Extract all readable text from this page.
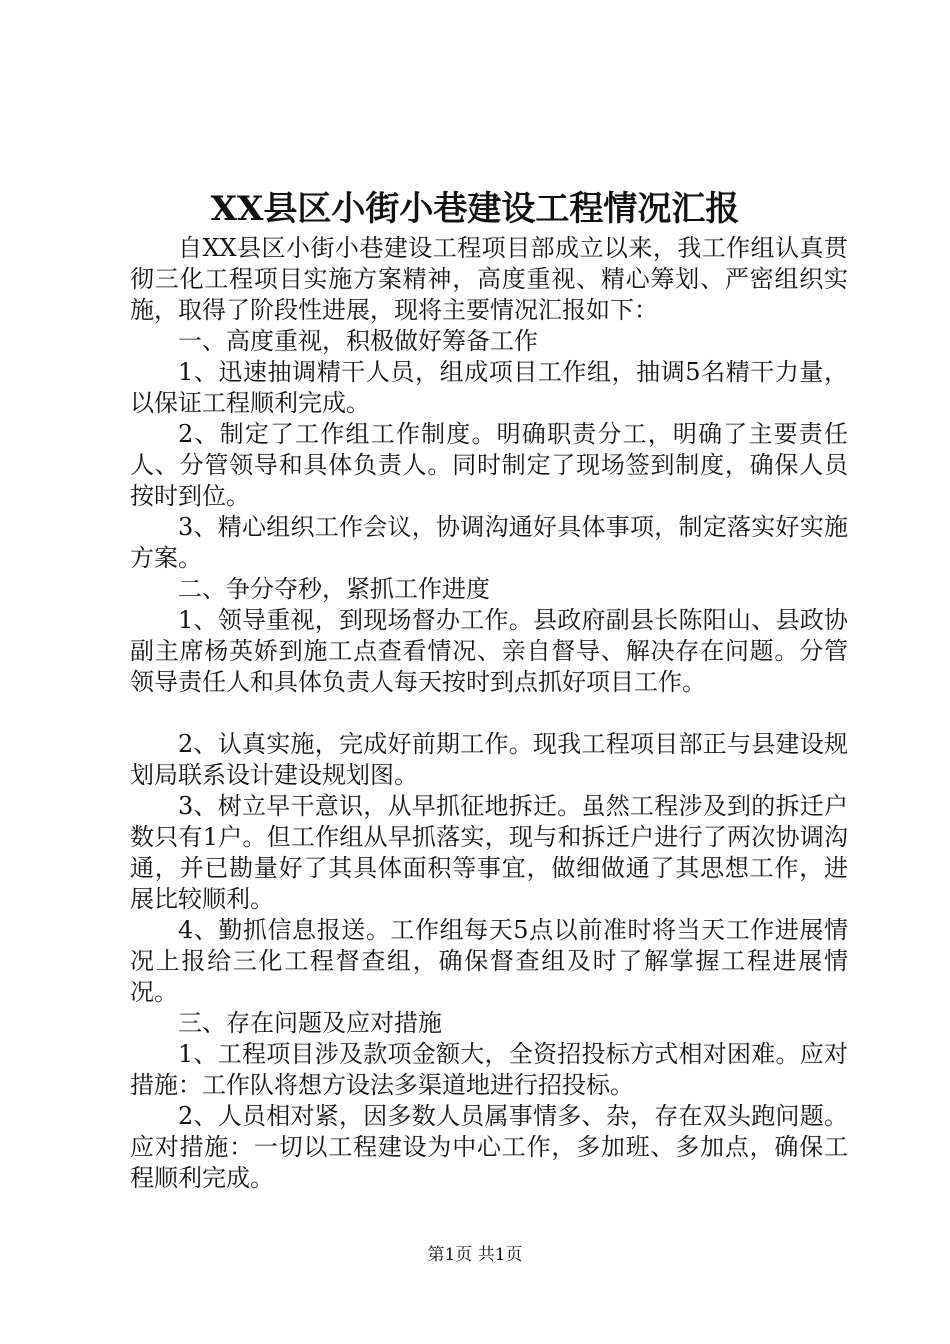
XX县区小街小巷建设工程情况汇报

自XX县区小街小巷建设工程项目部成立以来，我工作组认真贯彻三化工程项目实施方案精神，高度重视、精心筹划、严密组织实施，取得了阶段性进展，现将主要情况汇报如下：

一、高度重视，积极做好筹备工作

1、迅速抽调精干人员，组成项目工作组，抽调5名精干力量，以保证工程顺利完成。

2、制定了工作组工作制度。明确职责分工，明确了主要责任人、分管领导和具体负责人。同时制定了现场签到制度，确保人员按时到位。

3、精心组织工作会议，协调沟通好具体事项，制定落实好实施方案。

二、争分夺秒，紧抓工作进度

1、领导重视，到现场督办工作。县政府副县长陈阳山、县政协副主席杨英娇到施工点查看情况、亲自督导、解决存在问题。分管领导责任人和具体负责人每天按时到点抓好项目工作。

2、认真实施，完成好前期工作。现我工程项目部正与县建设规划局联系设计建设规划图。

3、树立早干意识，从早抓征地拆迁。虽然工程涉及到的拆迁户数只有1户。但工作组从早抓落实，现与和拆迁户进行了两次协调沟通，并已勘量好了其具体面积等事宜，做细做通了其思想工作，进展比较顺利。

4、勤抓信息报送。工作组每天5点以前准时将当天工作进展情况上报给三化工程督查组，确保督查组及时了解掌握工程进展情况。

三、存在问题及应对措施

1、工程项目涉及款项金额大，全资招投标方式相对困难。应对措施：工作队将想方设法多渠道地进行招投标。

2、人员相对紧，因多数人员属事情多、杂，存在双头跑问题。应对措施：一切以工程建设为中心工作，多加班、多加点，确保工程顺利完成。

第1页 共1页
